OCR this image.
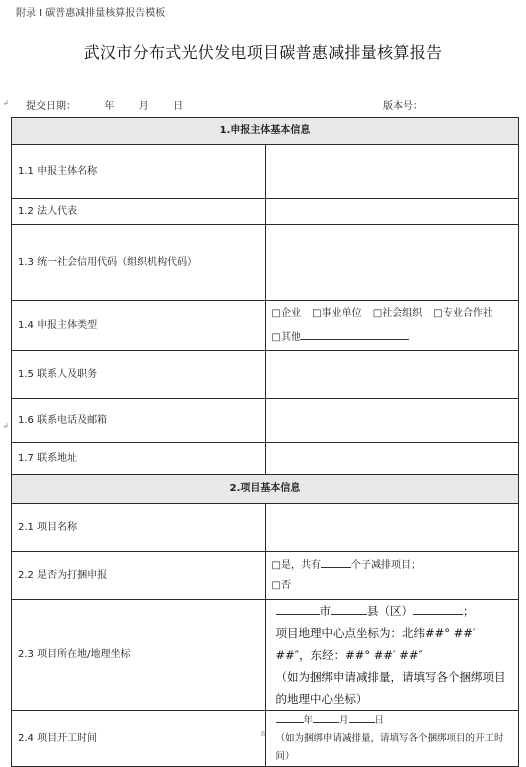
附录 I 碳普惠减排量核算报告模板
武汉市分布式光伏发电项目碳普惠减排量核算报告
提交日期：	年 月 日	版本号：
↲
↲
1.申报主体基本信息	
1.1 申报主体名称	
1.2 法人代表	
1.3 统一社会信用代码（组织机构代码）	
1.4 申报主体类型	□企业 □事业单位 □社会组织 □专业合作社 □其他
1.5 联系人及职务	
1.6 联系电话及邮箱	
1.7 联系地址	
2.项目基本信息	
2.1 项目名称	
2.2 是否为打捆申报	□是，共有 个子减排项目；
□否

2.3 项目所在地/地理坐标	市 县（区） ；
项目地理中心点坐标为：北纬##° ##′ ##″，东经：##° ##′ ##″
（如为捆绑申请减排量，请填写各个捆绑项目的地理中心坐标）

2.4 项目开工时间	年 月 日
（如为捆绑申请减排量，请填写各个捆绑项目的开工时间）
8
